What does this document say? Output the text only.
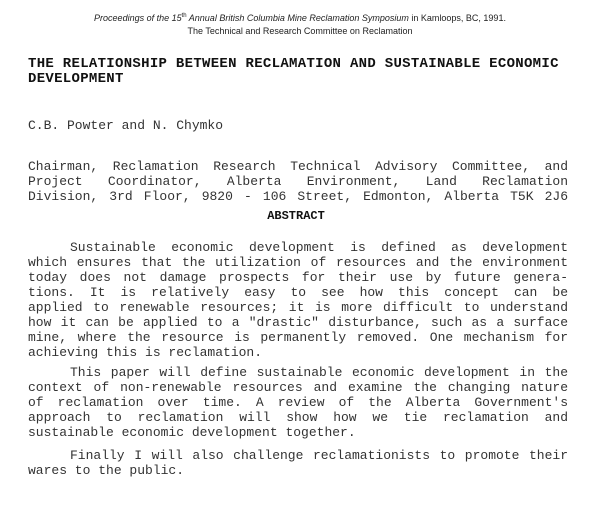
Proceedings of the 15th Annual British Columbia Mine Reclamation Symposium in Kamloops, BC, 1991.
The Technical and Research Committee on Reclamation
THE RELATIONSHIP BETWEEN RECLAMATION AND SUSTAINABLE ECONOMIC
DEVELOPMENT
C.B. Powter and N. Chymko
Chairman, Reclamation Research Technical Advisory Committee, and
Project Coordinator, Alberta Environment, Land Reclamation
Division, 3rd Floor, 9820 - 106 Street, Edmonton, Alberta T5K 2J6
ABSTRACT
Sustainable economic development is defined as development
which ensures that the utilization of resources and the environment
today does not damage prospects for their use by future genera-
tions. It is relatively easy to see how this concept can be
applied to renewable resources; it is more difficult to understand
how it can be applied to a "drastic" disturbance, such as a surface
mine, where the resource is permanently removed. One mechanism for
achieving this is reclamation.
This paper will define sustainable economic development in the
context of non-renewable resources and examine the changing nature
of reclamation over time. A review of the Alberta Government's
approach to reclamation will show how we tie reclamation and
sustainable economic development together.
Finally I will also challenge reclamationists to promote their
wares to the public.
